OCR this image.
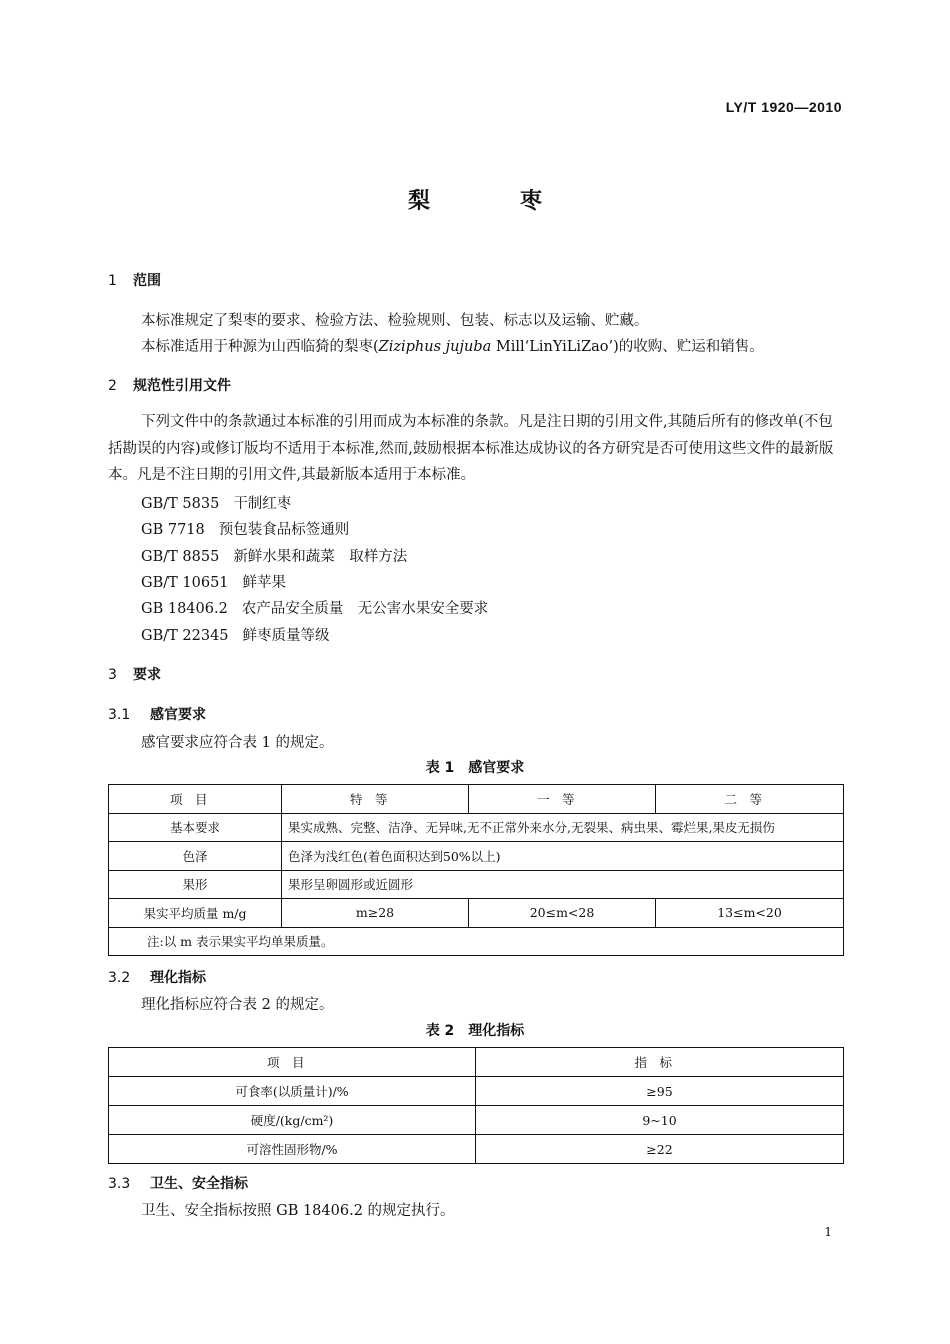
LY/T 1920—2010
梨	枣
1 范围
本标准规定了梨枣的要求、检验方法、检验规则、包装、标志以及运输、贮藏。
本标准适用于种源为山西临猗的梨枣(Ziziphus jujuba Mill‘LinYiLiZao’)的收购、贮运和销售。
2 规范性引用文件
下列文件中的条款通过本标准的引用而成为本标准的条款。凡是注日期的引用文件,其随后所有的修改单(不包括勘误的内容)或修订版均不适用于本标准,然而,鼓励根据本标准达成协议的各方研究是否可使用这些文件的最新版本。凡是不注日期的引用文件,其最新版本适用于本标准。
GB/T 5835 干制红枣
GB 7718 预包装食品标签通则
GB/T 8855 新鲜水果和蔬菜　取样方法
GB/T 10651 鲜苹果
GB 18406.2 农产品安全质量　无公害水果安全要求
GB/T 22345 鲜枣质量等级
3 要求
3.1 感官要求
感官要求应符合表 1 的规定。
表 1　感官要求
项目	特等	一等	二等
基本要求	果实成熟、完整、洁净、无异味,无不正常外来水分,无裂果、病虫果、霉烂果,果皮无损伤		
色泽	色泽为浅红色(着色面积达到50%以上)		
果形	果形呈卵圆形或近圆形		
果实平均质量 m/g	m≥28	20≤m<28	13≤m<20
注:以 m 表示果实平均单果质量。			
3.2 理化指标
理化指标应符合表 2 的规定。
表 2　理化指标
项目	指标
可食率(以质量计)/%	≥95
硬度/(kg/cm²)	9~10
可溶性固形物/%	≥22
3.3 卫生、安全指标
卫生、安全指标按照 GB 18406.2 的规定执行。
1
